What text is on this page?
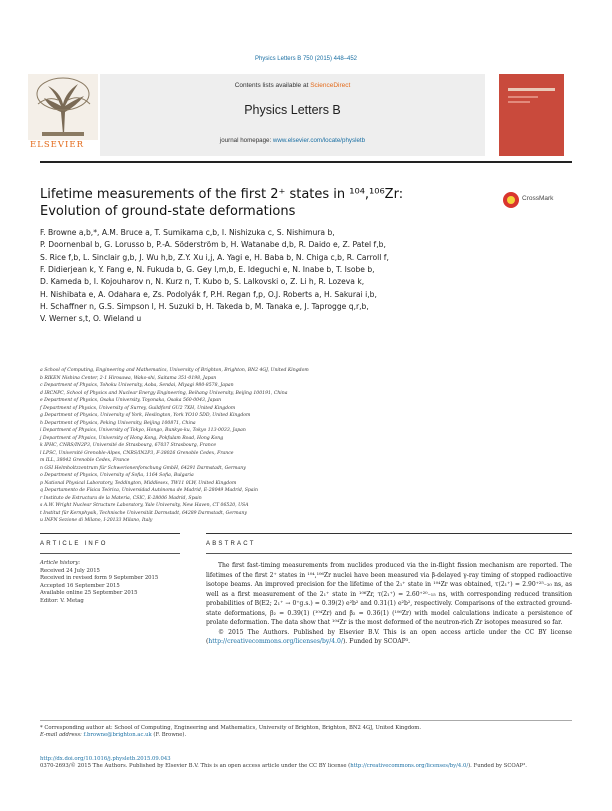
Physics Letters B 750 (2015) 448–452
ELSEVIER
Contents lists available at ScienceDirect
Physics Letters B
journal homepage: www.elsevier.com/locate/physletb
Lifetime measurements of the first 2⁺ states in ¹⁰⁴,¹⁰⁶Zr:
Evolution of ground-state deformations
CrossMark
F. Browne a,b,*, A.M. Bruce a, T. Sumikama c,b, I. Nishizuka c, S. Nishimura b,
P. Doornenbal b, G. Lorusso b, P.-A. Söderström b, H. Watanabe d,b, R. Daido e, Z. Patel f,b,
S. Rice f,b, L. Sinclair g,b, J. Wu h,b, Z.Y. Xu i,j, A. Yagi e, H. Baba b, N. Chiga c,b, R. Carroll f,
F. Didierjean k, Y. Fang e, N. Fukuda b, G. Gey l,m,b, E. Ideguchi e, N. Inabe b, T. Isobe b,
D. Kameda b, I. Kojouharov n, N. Kurz n, T. Kubo b, S. Lalkovski o, Z. Li h, R. Lozeva k,
H. Nishibata e, A. Odahara e, Zs. Podolyák f, P.H. Regan f,p, O.J. Roberts a, H. Sakurai i,b,
H. Schaffner n, G.S. Simpson l, H. Suzuki b, H. Takeda b, M. Tanaka e, J. Taprogge q,r,b,
V. Werner s,t, O. Wieland u
a School of Computing, Engineering and Mathematics, University of Brighton, Brighton, BN2 4GJ, United Kingdom
b RIKEN Nishina Center, 2-1 Hirosawa, Wako-shi, Saitama 351-0198, Japan
c Department of Physics, Tohoku University, Aoba, Sendai, Miyagi 980-8578, Japan
d IRCNPC, School of Physics and Nuclear Energy Engineering, Beihang University, Beijing 100191, China
e Department of Physics, Osaka University, Toyonaka, Osaka 560-0043, Japan
f Department of Physics, University of Surrey, Guildford GU2 7XH, United Kingdom
g Department of Physics, University of York, Heslington, York YO10 5DD, United Kingdom
h Department of Physics, Peking University, Beijing 100871, China
i Department of Physics, University of Tokyo, Hongo, Bunkyo-ku, Tokyo 113-0033, Japan
j Department of Physics, University of Hong Kong, Pokfulam Road, Hong Kong
k IPHC, CNRS/IN2P3, Université de Strasbourg, 67037 Strasbourg, France
l LPSC, Université Grenoble-Alpes, CNRS/IN2P3, F-38026 Grenoble Cedex, France
m ILL, 38042 Grenoble Cedex, France
n GSI Helmholtzzentrum für Schwerionenforschung GmbH, 64291 Darmstadt, Germany
o Department of Physics, University of Sofia, 1164 Sofia, Bulgaria
p National Physical Laboratory, Teddington, Middlesex, TW11 0LW, United Kingdom
q Departamento de Física Teórica, Universidad Autónoma de Madrid, E-28049 Madrid, Spain
r Instituto de Estructura de la Materia, CSIC, E-28006 Madrid, Spain
s A.W. Wright Nuclear Structure Laboratory, Yale University, New Haven, CT 06520, USA
t Institut für Kernphysik, Technische Universität Darmstadt, 64289 Darmstadt, Germany
u INFN Sezione di Milano, I-20133 Milano, Italy
ARTICLE INFO	ABSTRACT
Article history:
Received 24 July 2015
Received in revised form 9 September 2015
Accepted 16 September 2015
Available online 25 September 2015
Editor: V. Metag

The first fast-timing measurements from nuclides produced via the in-flight fission mechanism are reported. The lifetimes of the first 2⁺ states in ¹⁰⁴,¹⁰⁶Zr nuclei have been measured via β-delayed γ-ray timing of stopped radioactive isotope beams. An improved precision for the lifetime of the 2₁⁺ state in ¹⁰⁴Zr was obtained, τ(2₁⁺) = 2.90⁺²⁵₋₂₀ ns, as well as a first measurement of the 2₁⁺ state in ¹⁰⁶Zr, τ(2₁⁺) = 2.60⁺²⁰₋₁₅ ns, with corresponding reduced transition probabilities of B(E2; 2₁⁺ → 0⁺g.s.) = 0.39(2) e²b² and 0.31(1) e²b², respectively. Comparisons of the extracted ground-state deformations, β₂ = 0.39(1) (¹⁰⁴Zr) and β₂ = 0.36(1) (¹⁰⁶Zr) with model calculations indicate a persistence of prolate deformation. The data show that ¹⁰⁴Zr is the most deformed of the neutron-rich Zr isotopes measured so far.

© 2015 The Authors. Published by Elsevier B.V. This is an open access article under the CC BY license (http://creativecommons.org/licenses/by/4.0/). Funded by SCOAP³.

* Corresponding author at: School of Computing, Engineering and Mathematics, University of Brighton, Brighton, BN2 4GJ, United Kingdom.
E-mail address: f.browne@brighton.ac.uk (F. Browne).
http://dx.doi.org/10.1016/j.physletb.2015.09.043
0370-2693/© 2015 The Authors. Published by Elsevier B.V. This is an open access article under the CC BY license (http://creativecommons.org/licenses/by/4.0/). Funded by SCOAP³.
